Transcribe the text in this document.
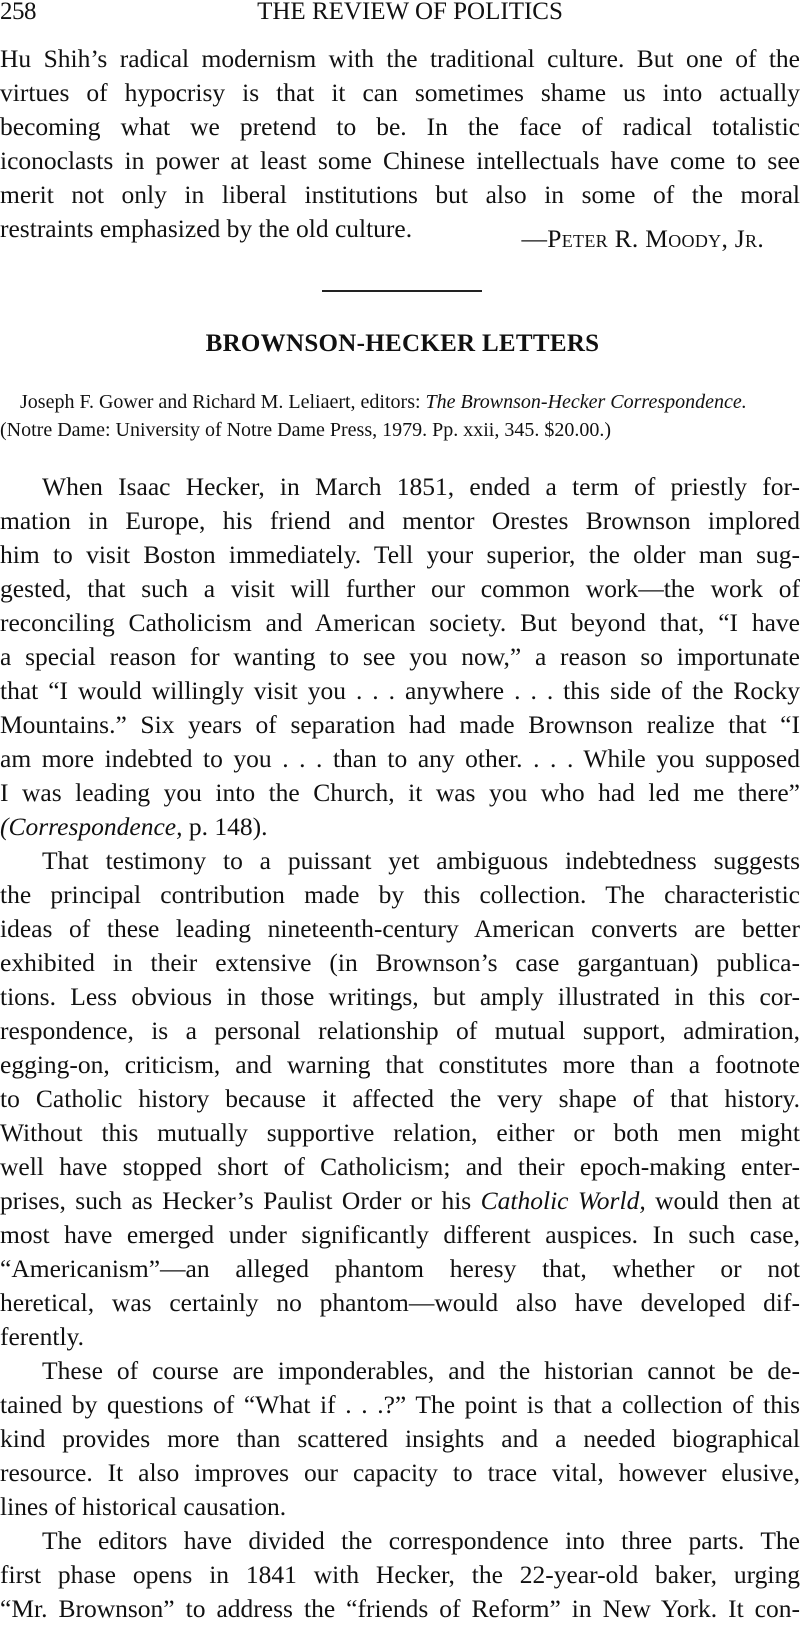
258	THE REVIEW OF POLITICS
Hu Shih’s radical modernism with the traditional culture. But one of the
virtues of hypocrisy is that it can sometimes shame us into actually
becoming what we pretend to be. In the face of radical totalistic
iconoclasts in power at least some Chinese intellectuals have come to see
merit not only in liberal institutions but also in some of the moral
restraints emphasized by the old culture.	—Peter R. Moody, Jr.
BROWNSON-HECKER LETTERS
Joseph F. Gower and Richard M. Leliaert, editors: The Brownson-Hecker Correspondence.
(Notre Dame: University of Notre Dame Press, 1979. Pp. xxii, 345. $20.00.)
When Isaac Hecker, in March 1851, ended a term of priestly for-
mation in Europe, his friend and mentor Orestes Brownson implored
him to visit Boston immediately. Tell your superior, the older man sug-
gested, that such a visit will further our common work—the work of
reconciling Catholicism and American society. But beyond that, “I have
a special reason for wanting to see you now,” a reason so importunate
that “I would willingly visit you . . . anywhere . . . this side of the Rocky
Mountains.” Six years of separation had made Brownson realize that “I
am more indebted to you . . . than to any other. . . . While you supposed
I was leading you into the Church, it was you who had led me there”
(Correspondence, p. 148).
That testimony to a puissant yet ambiguous indebtedness suggests
the principal contribution made by this collection. The characteristic
ideas of these leading nineteenth-century American converts are better
exhibited in their extensive (in Brownson’s case gargantuan) publica-
tions. Less obvious in those writings, but amply illustrated in this cor-
respondence, is a personal relationship of mutual support, admiration,
egging-on, criticism, and warning that constitutes more than a footnote
to Catholic history because it affected the very shape of that history.
Without this mutually supportive relation, either or both men might
well have stopped short of Catholicism; and their epoch-making enter-
prises, such as Hecker’s Paulist Order or his Catholic World, would then at
most have emerged under significantly different auspices. In such case,
“Americanism”—an alleged phantom heresy that, whether or not
heretical, was certainly no phantom—would also have developed dif-
ferently.
These of course are imponderables, and the historian cannot be de-
tained by questions of “What if . . .?” The point is that a collection of this
kind provides more than scattered insights and a needed biographical
resource. It also improves our capacity to trace vital, however elusive,
lines of historical causation.
The editors have divided the correspondence into three parts. The
first phase opens in 1841 with Hecker, the 22-year-old baker, urging
“Mr. Brownson” to address the “friends of Reform” in New York. It con-
